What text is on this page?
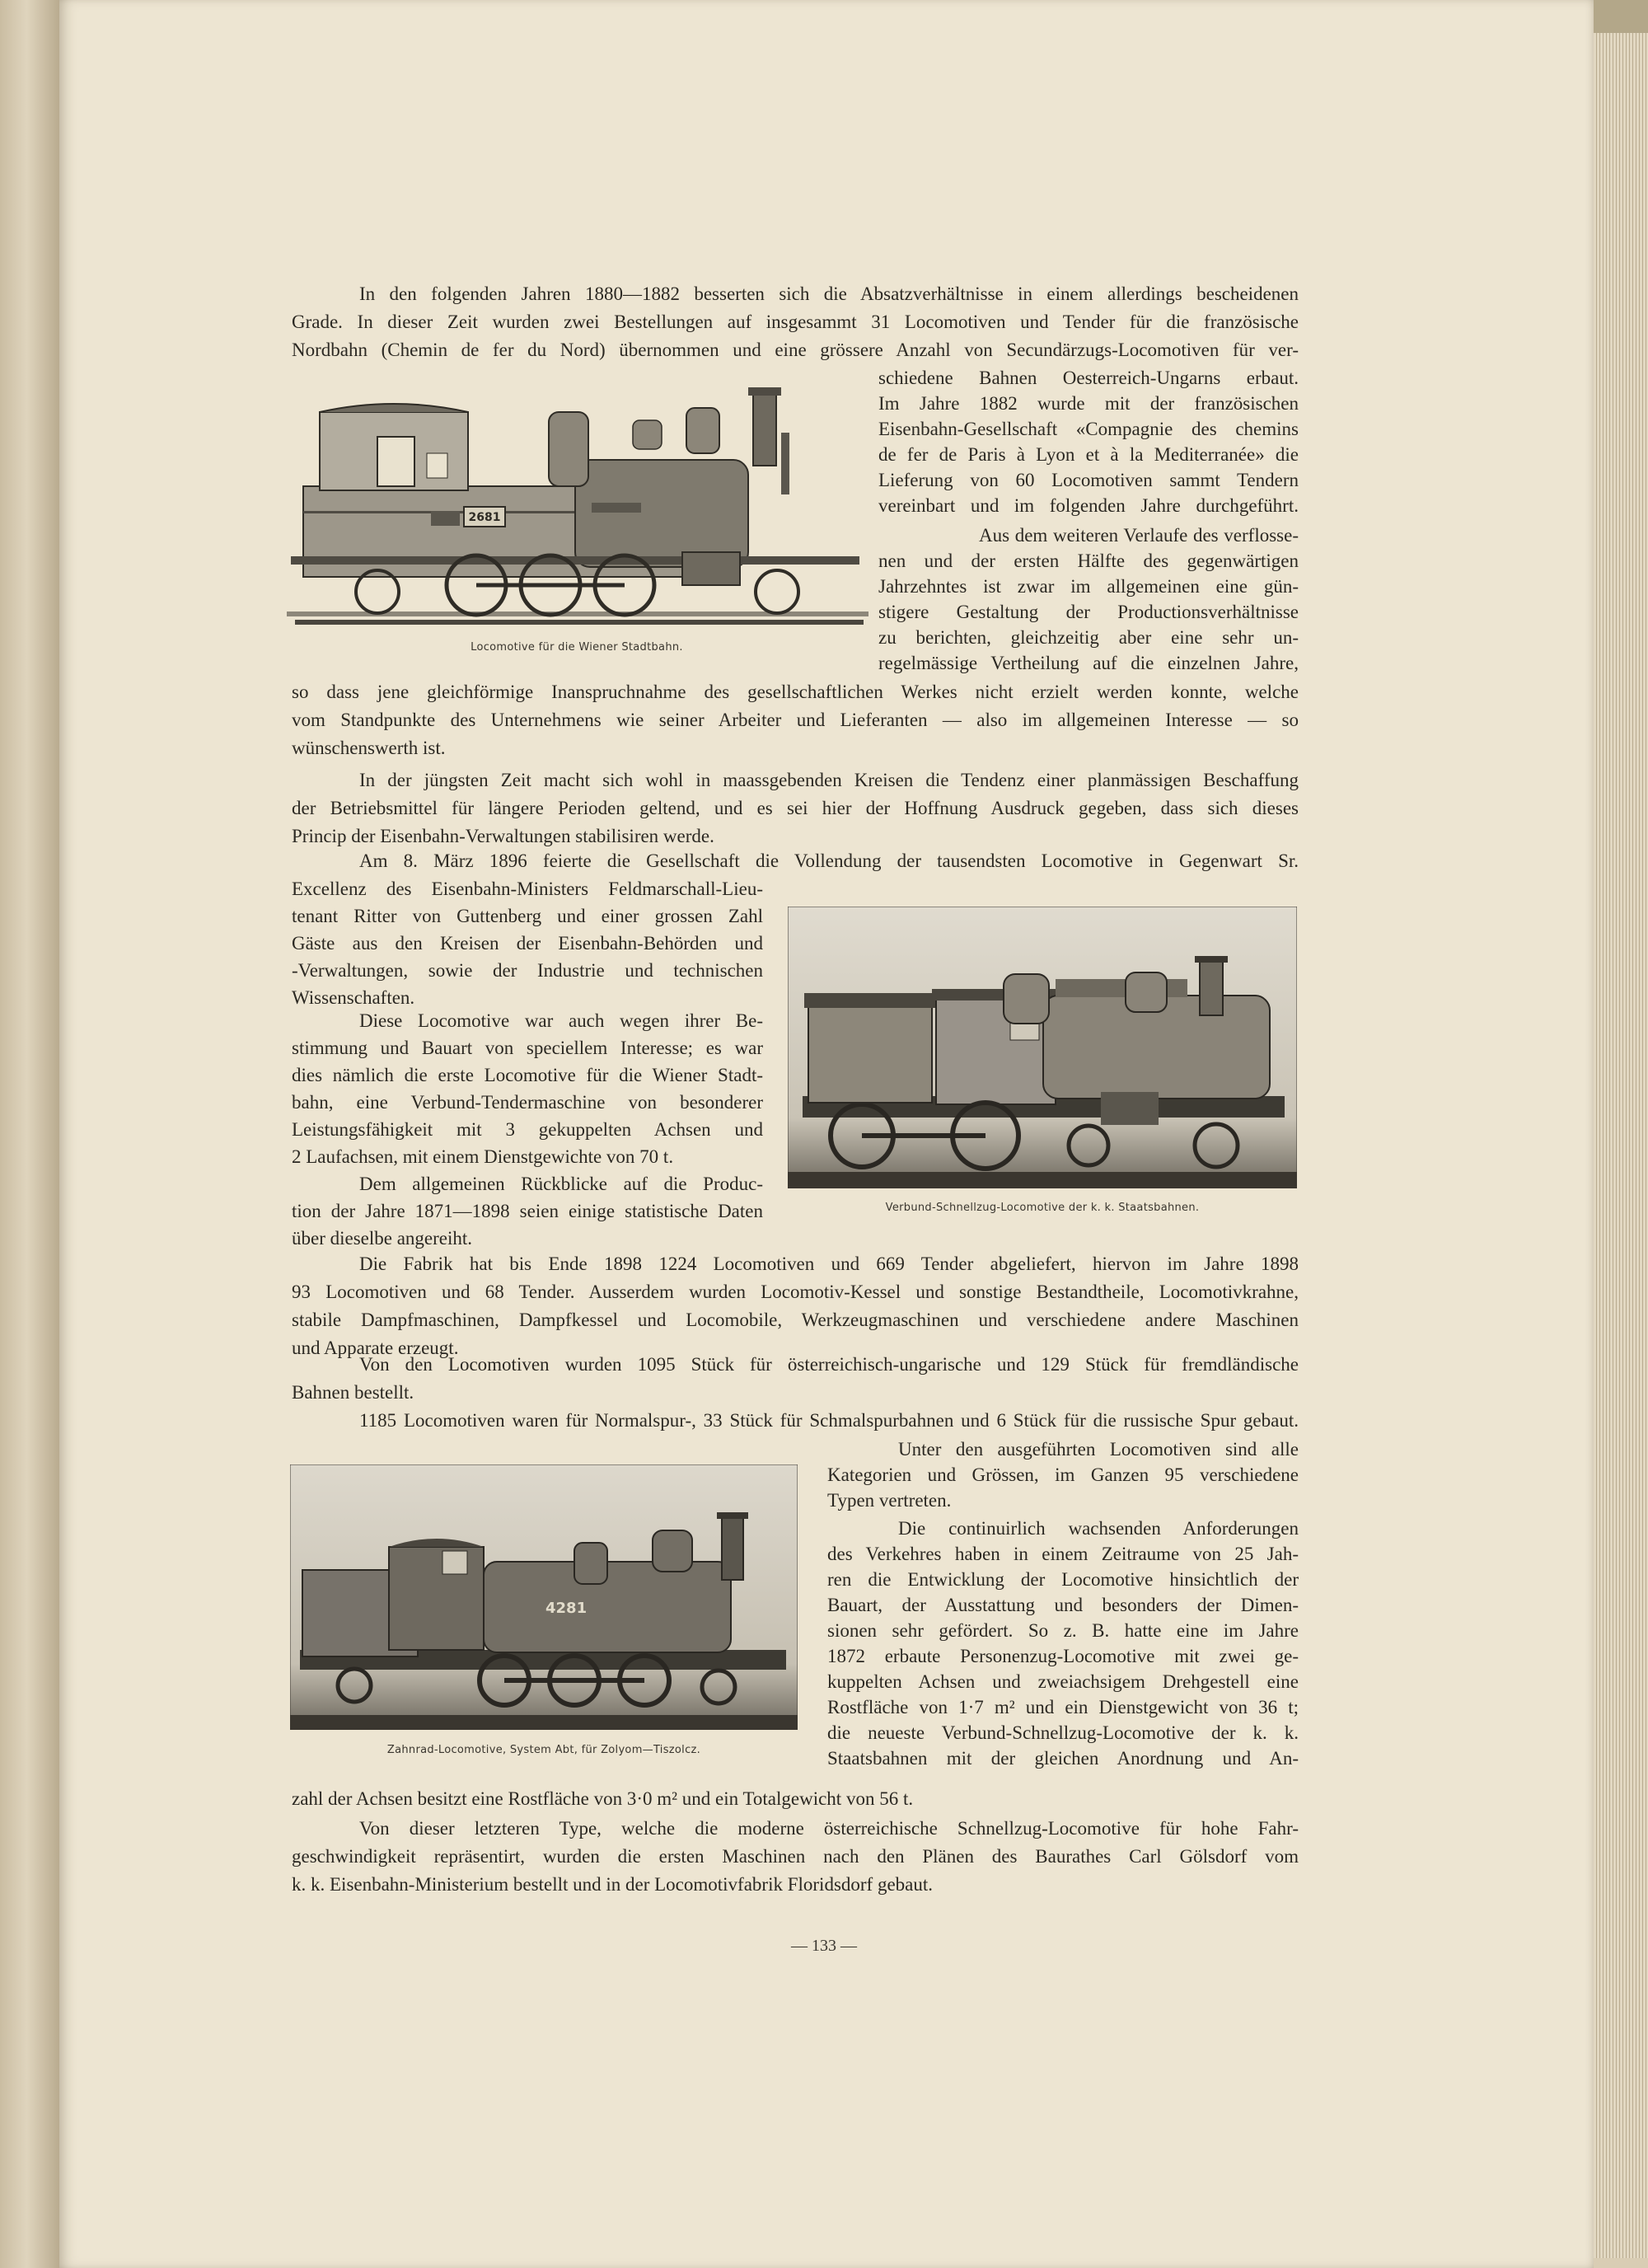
In den folgenden Jahren 1880—1882 besserten sich die Absatzverhältnisse in einem allerdings bescheidenen
Grade. In dieser Zeit wurden zwei Bestellungen auf insgesammt 31 Locomotiven und Tender für die französische
Nordbahn (Chemin de fer du Nord) übernommen und eine grössere Anzahl von Secundärzugs-Locomotiven für ver-
schiedene Bahnen Oesterreich-Ungarns erbaut.
Im Jahre 1882 wurde mit der französischen
Eisenbahn-Gesellschaft «Compagnie des chemins
de fer de Paris à Lyon et à la Mediterranée» die
Lieferung von 60 Locomotiven sammt Tendern
vereinbart und im folgenden Jahre durchgeführt.
Aus dem weiteren Verlaufe des verflosse-
nen und der ersten Hälfte des gegenwärtigen
Jahrzehntes ist zwar im allgemeinen eine gün-
stigere Gestaltung der Productionsverhältnisse
zu berichten, gleichzeitig aber eine sehr un-
regelmässige Vertheilung auf die einzelnen Jahre,
so dass jene gleichförmige Inanspruchnahme des gesellschaftlichen Werkes nicht erzielt werden konnte, welche
vom Standpunkte des Unternehmens wie seiner Arbeiter und Lieferanten — also im allgemeinen Interesse — so
wünschenswerth ist.
In der jüngsten Zeit macht sich wohl in maassgebenden Kreisen die Tendenz einer planmässigen Beschaffung
der Betriebsmittel für längere Perioden geltend, und es sei hier der Hoffnung Ausdruck gegeben, dass sich dieses
Princip der Eisenbahn-Verwaltungen stabilisiren werde.
Am 8. März 1896 feierte die Gesellschaft die Vollendung der tausendsten Locomotive in Gegenwart Sr.
Excellenz des Eisenbahn-Ministers Feldmarschall-Lieu-
tenant Ritter von Guttenberg und einer grossen Zahl
Gäste aus den Kreisen der Eisenbahn-Behörden und
-Verwaltungen, sowie der Industrie und technischen
Wissenschaften.
Diese Locomotive war auch wegen ihrer Be-
stimmung und Bauart von speciellem Interesse; es war
dies nämlich die erste Locomotive für die Wiener Stadt-
bahn, eine Verbund-Tendermaschine von besonderer
Leistungsfähigkeit mit 3 gekuppelten Achsen und
2 Laufachsen, mit einem Dienstgewichte von 70 t.
Dem allgemeinen Rückblicke auf die Produc-
tion der Jahre 1871—1898 seien einige statistische Daten
über dieselbe angereiht.
Die Fabrik hat bis Ende 1898 1224 Locomotiven und 669 Tender abgeliefert, hiervon im Jahre 1898
93 Locomotiven und 68 Tender. Ausserdem wurden Locomotiv-Kessel und sonstige Bestandtheile, Locomotivkrahne,
stabile Dampfmaschinen, Dampfkessel und Locomobile, Werkzeugmaschinen und verschiedene andere Maschinen
und Apparate erzeugt.
Von den Locomotiven wurden 1095 Stück für österreichisch-ungarische und 129 Stück für fremdländische
Bahnen bestellt.
1185 Locomotiven waren für Normalspur-, 33 Stück für Schmalspurbahnen und 6 Stück für die russische Spur gebaut.
Unter den ausgeführten Locomotiven sind alle
Kategorien und Grössen, im Ganzen 95 verschiedene
Typen vertreten.
Die continuirlich wachsenden Anforderungen
des Verkehres haben in einem Zeitraume von 25 Jah-
ren die Entwicklung der Locomotive hinsichtlich der
Bauart, der Ausstattung und besonders der Dimen-
sionen sehr gefördert. So z. B. hatte eine im Jahre
1872 erbaute Personenzug-Locomotive mit zwei ge-
kuppelten Achsen und zweiachsigem Drehgestell eine
Rostfläche von 1·7 m² und ein Dienstgewicht von 36 t;
die neueste Verbund-Schnellzug-Locomotive der k. k.
Staatsbahnen mit der gleichen Anordnung und An-
zahl der Achsen besitzt eine Rostfläche von 3·0 m² und ein Totalgewicht von 56 t.
Von dieser letzteren Type, welche die moderne österreichische Schnellzug-Locomotive für hohe Fahr-
geschwindigkeit repräsentirt, wurden die ersten Maschinen nach den Plänen des Baurathes Carl Gölsdorf vom
k. k. Eisenbahn-Ministerium bestellt und in der Locomotivfabrik Floridsdorf gebaut.
2681
Locomotive für die Wiener Stadtbahn.
Verbund-Schnellzug-Locomotive der k. k. Staatsbahnen.
4281
Zahnrad-Locomotive, System Abt, für Zolyom—Tiszolcz.
— 133 —
